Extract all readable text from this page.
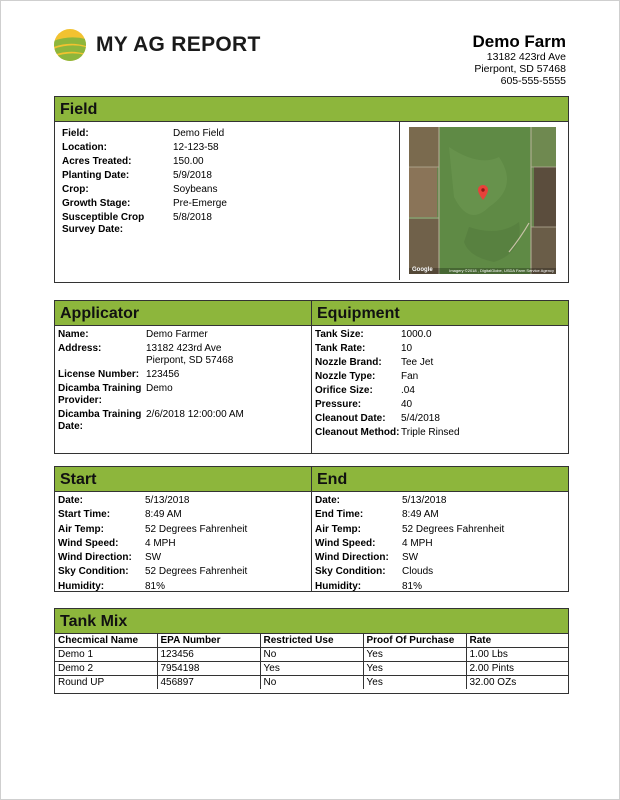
MY AG REPORT	Demo Farm
13182 423rd Ave
Pierpont, SD 57468
605-555-5555
Field
Field:	Demo Field
Location:	12-123-58
Acres Treated:	150.00
Planting Date:	5/9/2018
Crop:	Soybeans
Growth Stage:	Pre-Emerge
Susceptible Crop Survey Date:
5/8/2018
Imagery ©2018 , DigitalGlobe, USDA Farm Service Agency
Google
Applicator
Name:	Demo Farmer
Address:	13182 423rd Ave
Pierpont, SD 57468
License Number: 123456
Dicamba Training Provider:
Demo
Dicamba Training Date:
2/6/2018 12:00:00 AM
Equipment
Tank Size:	1000.0
Tank Rate:	10
Nozzle Brand:	Tee Jet
Nozzle Type:	Fan
Orifice Size:	.04
Pressure:	40
Cleanout Date:	5/4/2018
Cleanout Method: Triple Rinsed
Start
Date:	5/13/2018
Start Time:	8:49 AM
Air Temp:	52 Degrees Fahrenheit
Wind Speed:	4 MPH
Wind Direction:	SW
Sky Condition:	52 Degrees Fahrenheit
Humidity:	81%
End
Date:	5/13/2018
End Time:	8:49 AM
Air Temp:	52 Degrees Fahrenheit
Wind Speed:	4 MPH
Wind Direction:	SW
Sky Condition:	Clouds
Humidity:	81%
Tank Mix
Checmical Name	EPA Number	Restricted Use	Proof Of Purchase	Rate
Demo 1	123456	No	Yes	1.00 Lbs
Demo 2	7954198	Yes	Yes	2.00 Pints
Round UP	456897	No	Yes	32.00 OZs
